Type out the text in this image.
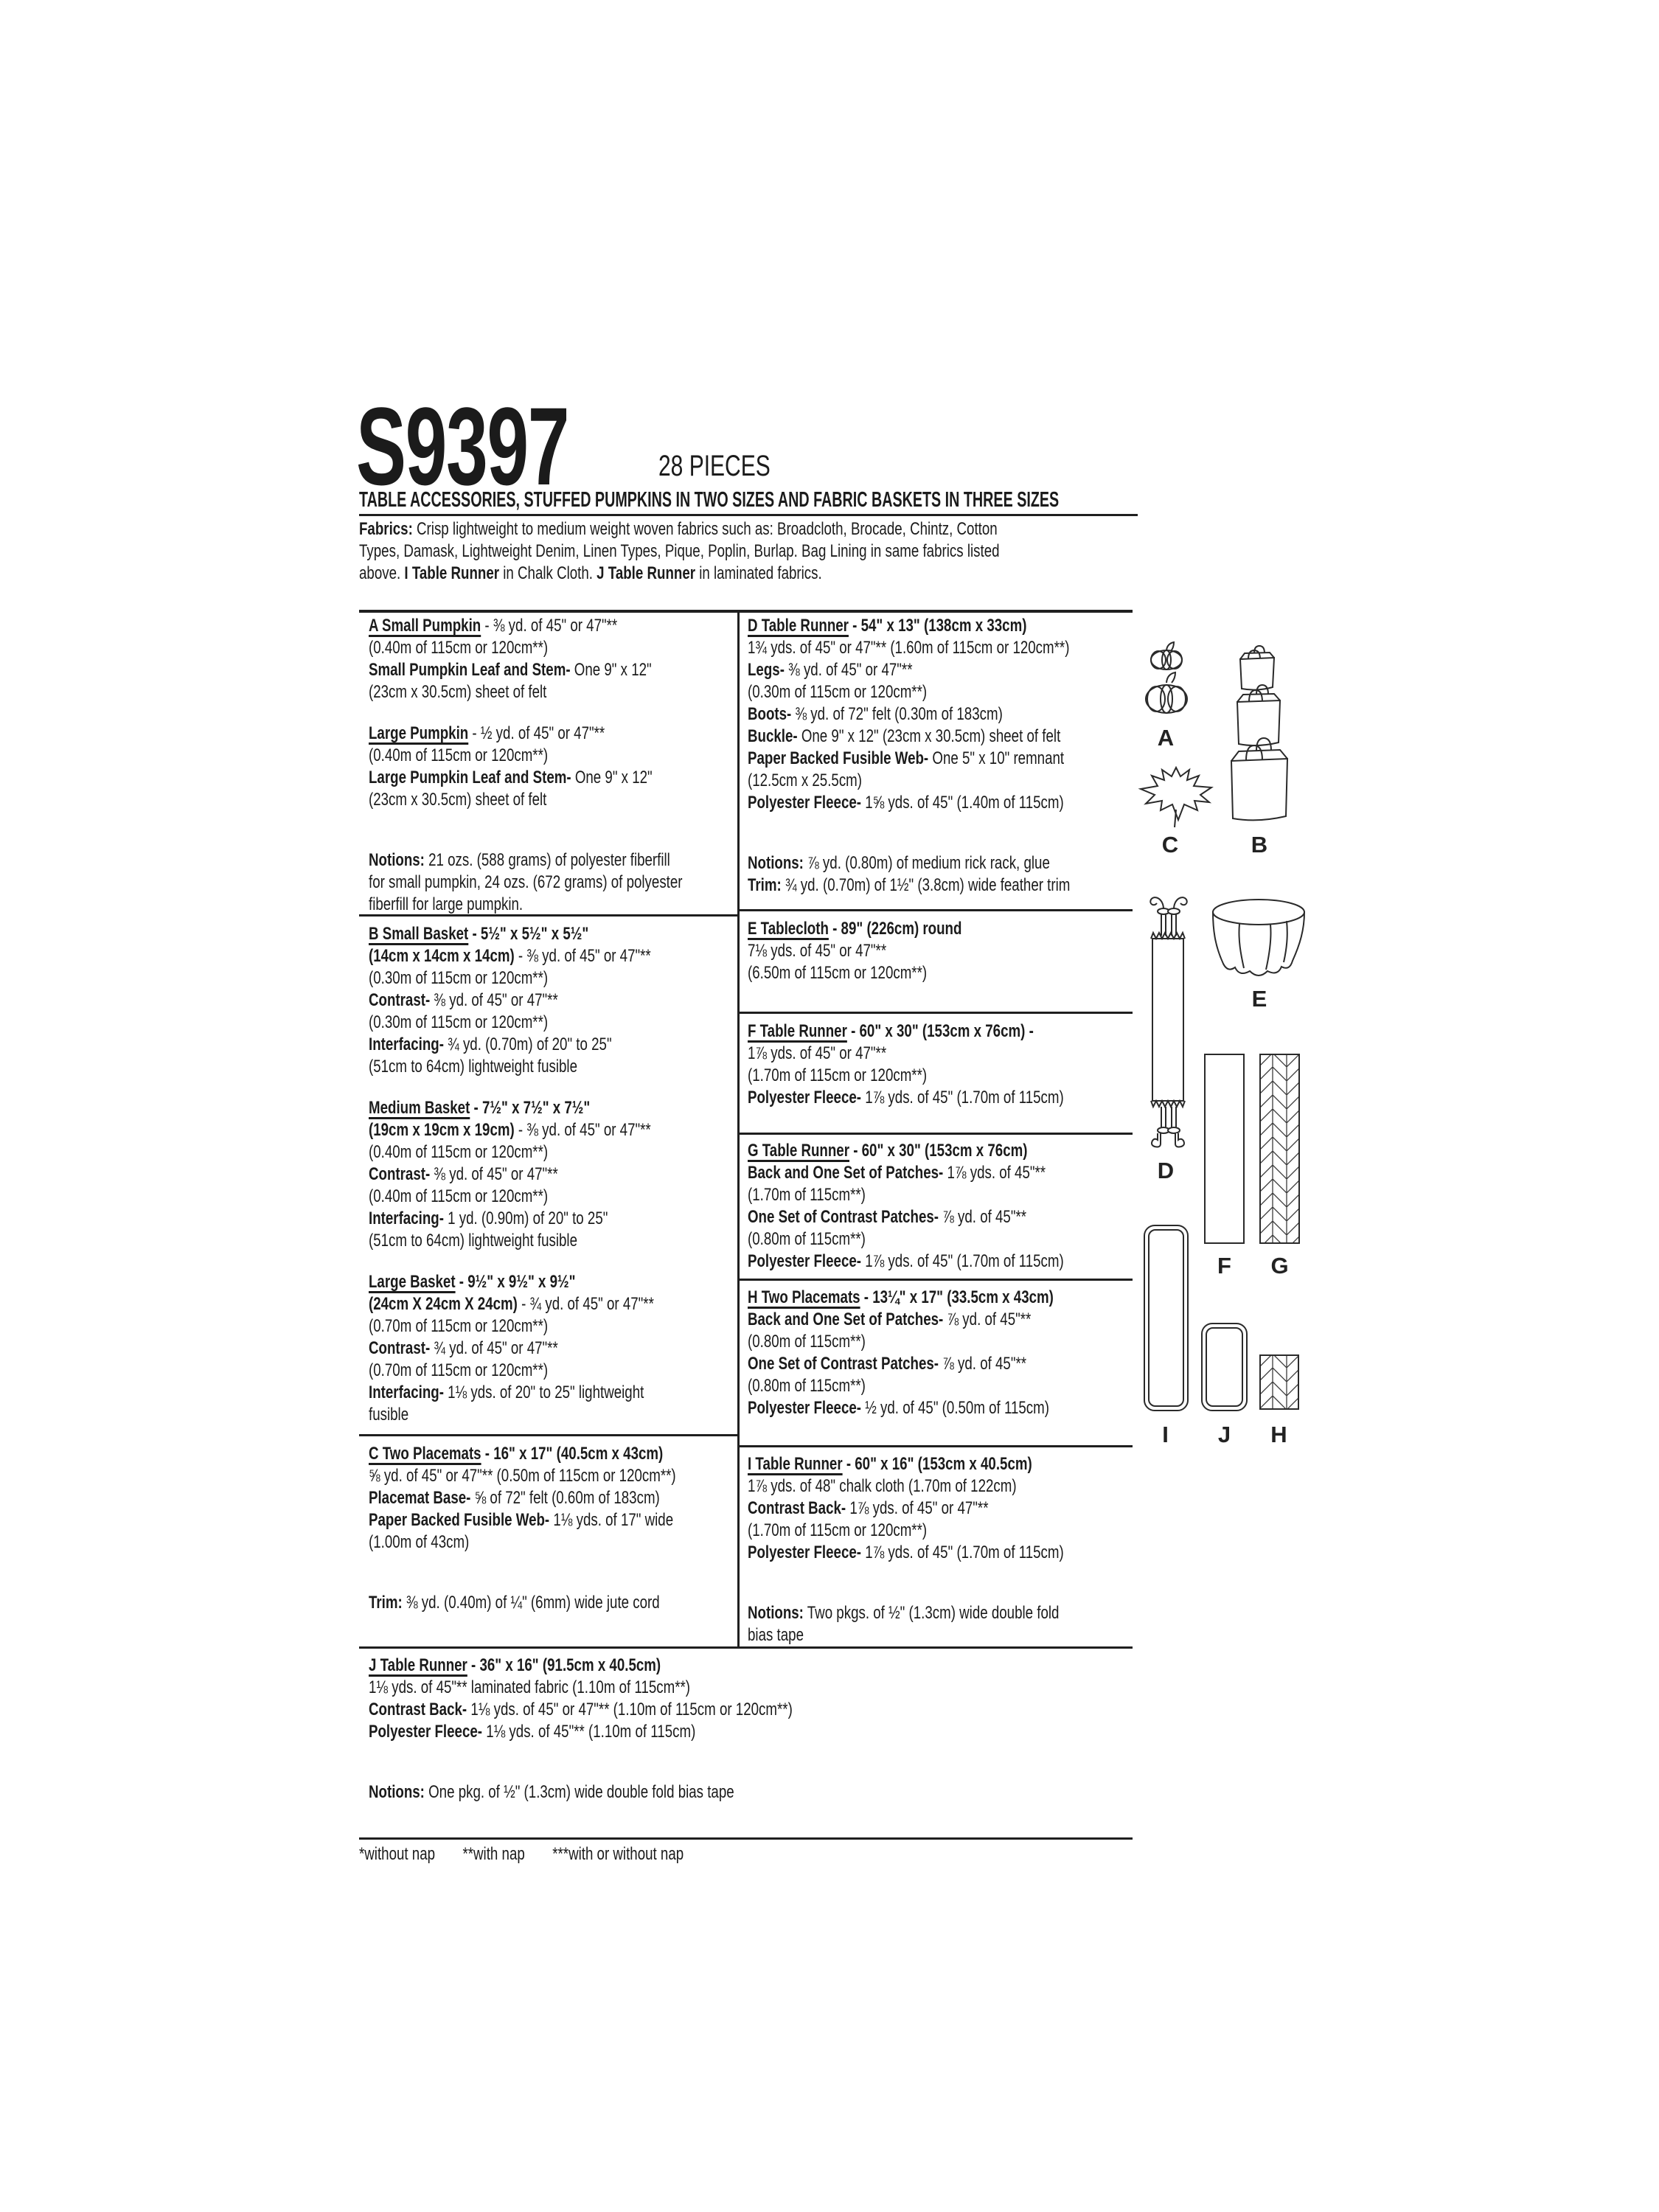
S9397	28 PIECES
TABLE ACCESSORIES, STUFFED PUMPKINS IN TWO SIZES AND FABRIC BASKETS IN THREE SIZES
Fabrics: Crisp lightweight to medium weight woven fabrics such as: Broadcloth, Brocade, Chintz, Cotton
Types, Damask, Lightweight Denim, Linen Types, Pique, Poplin, Burlap. Bag Lining in same fabrics listed
above. I Table Runner in Chalk Cloth. J Table Runner in laminated fabrics.
A Small Pumpkin - ⅜ yd. of 45" or 47"**
(0.40m of 115cm or 120cm**)
Small Pumpkin Leaf and Stem- One 9" x 12"
(23cm x 30.5cm) sheet of felt
Large Pumpkin - ½ yd. of 45" or 47"**
(0.40m of 115cm or 120cm**)
Large Pumpkin Leaf and Stem- One 9" x 12"
(23cm x 30.5cm) sheet of felt
Notions: 21 ozs. (588 grams) of polyester fiberfill
for small pumpkin, 24 ozs. (672 grams) of polyester
fiberfill for large pumpkin.
B Small Basket - 5½" x 5½" x 5½"
(14cm x 14cm x 14cm) - ⅜ yd. of 45" or 47"**
(0.30m of 115cm or 120cm**)
Contrast- ⅜ yd. of 45" or 47"**
(0.30m of 115cm or 120cm**)
Interfacing- ¾ yd. (0.70m) of 20" to 25"
(51cm to 64cm) lightweight fusible
Medium Basket - 7½" x 7½" x 7½"
(19cm x 19cm x 19cm) - ⅜ yd. of 45" or 47"**
(0.40m of 115cm or 120cm**)
Contrast- ⅜ yd. of 45" or 47"**
(0.40m of 115cm or 120cm**)
Interfacing- 1 yd. (0.90m) of 20" to 25"
(51cm to 64cm) lightweight fusible
Large Basket - 9½" x 9½" x 9½"
(24cm X 24cm X 24cm) - ¾ yd. of 45" or 47"**
(0.70m of 115cm or 120cm**)
Contrast- ¾ yd. of 45" or 47"**
(0.70m of 115cm or 120cm**)
Interfacing- 1⅛ yds. of 20" to 25" lightweight
fusible
C Two Placemats - 16" x 17" (40.5cm x 43cm)
⅝ yd. of 45" or 47"** (0.50m of 115cm or 120cm**)
Placemat Base- ⅝ of 72" felt (0.60m of 183cm)
Paper Backed Fusible Web- 1⅛ yds. of 17" wide
(1.00m of 43cm)
Trim: ⅜ yd. (0.40m) of ¼" (6mm) wide jute cord
D Table Runner - 54" x 13" (138cm x 33cm)
1¾ yds. of 45" or 47"** (1.60m of 115cm or 120cm**)
Legs- ⅜ yd. of 45" or 47"**
(0.30m of 115cm or 120cm**)
Boots- ⅜ yd. of 72" felt (0.30m of 183cm)
Buckle- One 9" x 12" (23cm x 30.5cm) sheet of felt
Paper Backed Fusible Web- One 5" x 10" remnant
(12.5cm x 25.5cm)
Polyester Fleece- 1⅝ yds. of 45" (1.40m of 115cm)
Notions: ⅞ yd. (0.80m) of medium rick rack, glue
Trim: ¾ yd. (0.70m) of 1½" (3.8cm) wide feather trim
E Tablecloth - 89" (226cm) round
7⅛ yds. of 45" or 47"**
(6.50m of 115cm or 120cm**)
F Table Runner - 60" x 30" (153cm x 76cm) -
1⅞ yds. of 45" or 47"**
(1.70m of 115cm or 120cm**)
Polyester Fleece- 1⅞ yds. of 45" (1.70m of 115cm)
G Table Runner - 60" x 30" (153cm x 76cm)
Back and One Set of Patches- 1⅞ yds. of 45"**
(1.70m of 115cm**)
One Set of Contrast Patches- ⅞ yd. of 45"**
(0.80m of 115cm**)
Polyester Fleece- 1⅞ yds. of 45" (1.70m of 115cm)
H Two Placemats - 13¼" x 17" (33.5cm x 43cm)
Back and One Set of Patches- ⅞ yd. of 45"**
(0.80m of 115cm**)
One Set of Contrast Patches- ⅞ yd. of 45"**
(0.80m of 115cm**)
Polyester Fleece- ½ yd. of 45" (0.50m of 115cm)
I Table Runner - 60" x 16" (153cm x 40.5cm)
1⅞ yds. of 48" chalk cloth (1.70m of 122cm)
Contrast Back- 1⅞ yds. of 45" or 47"**
(1.70m of 115cm or 120cm**)
Polyester Fleece- 1⅞ yds. of 45" (1.70m of 115cm)
Notions: Two pkgs. of ½" (1.3cm) wide double fold
bias tape
J Table Runner - 36" x 16" (91.5cm x 40.5cm)
1⅛ yds. of 45"** laminated fabric (1.10m of 115cm**)
Contrast Back- 1⅛ yds. of 45" or 47"** (1.10m of 115cm or 120cm**)
Polyester Fleece- 1⅛ yds. of 45"** (1.10m of 115cm)
Notions: One pkg. of ½" (1.3cm) wide double fold bias tape
*without nap  **with nap  ***with or without nap
A
B
C
D
E
F	G
I	J	H
